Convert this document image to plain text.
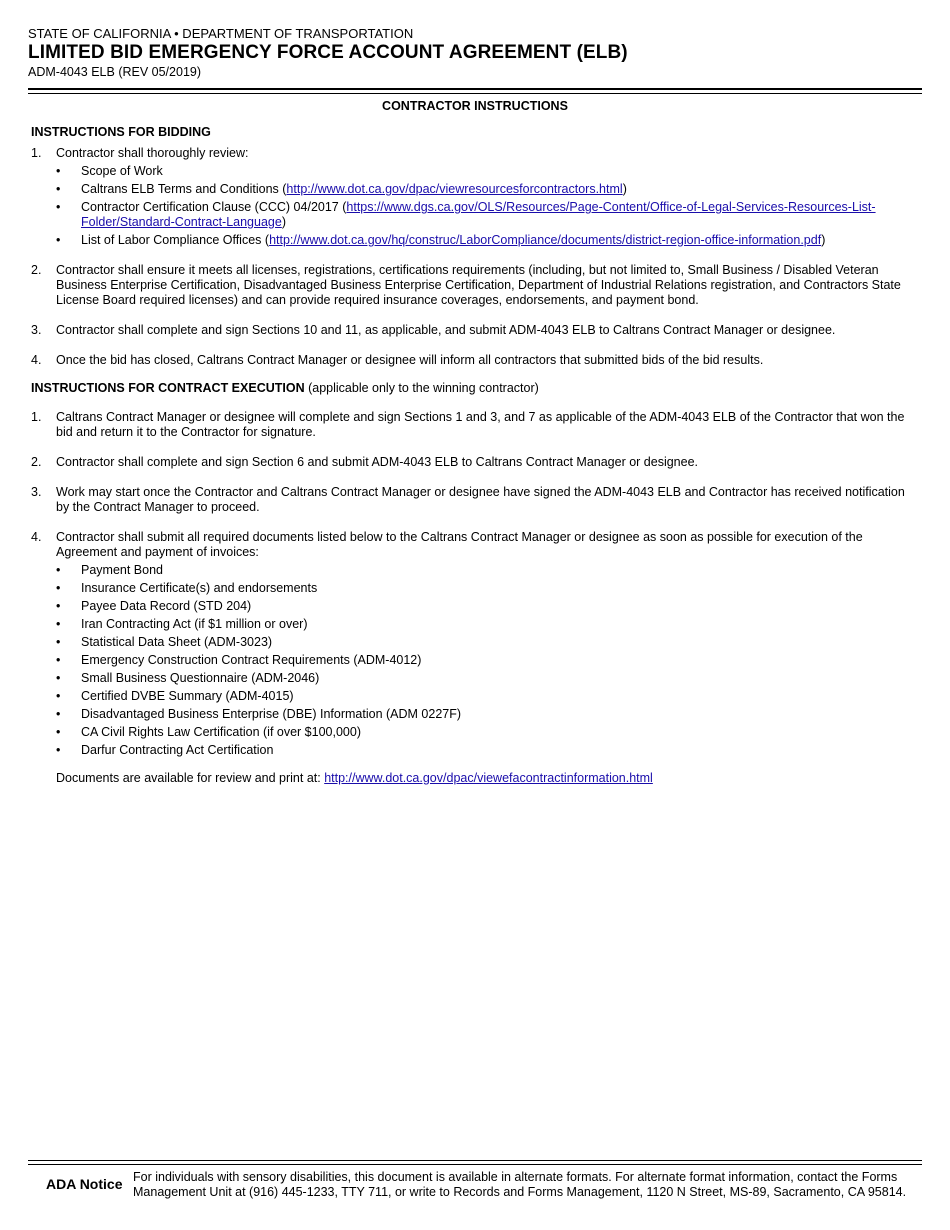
STATE OF CALIFORNIA • DEPARTMENT OF TRANSPORTATION
LIMITED BID EMERGENCY FORCE ACCOUNT AGREEMENT (ELB)
ADM-4043 ELB (REV 05/2019)
CONTRACTOR INSTRUCTIONS
INSTRUCTIONS FOR BIDDING
1. Contractor shall thoroughly review:
• Scope of Work
• Caltrans ELB Terms and Conditions (http://www.dot.ca.gov/dpac/viewresourcesforcontractors.html)
• Contractor Certification Clause (CCC) 04/2017 (https://www.dgs.ca.gov/OLS/Resources/Page-Content/Office-of-Legal-Services-Resources-List-Folder/Standard-Contract-Language)
• List of Labor Compliance Offices (http://www.dot.ca.gov/hq/construc/LaborCompliance/documents/district-region-office-information.pdf)
2. Contractor shall ensure it meets all licenses, registrations, certifications requirements (including, but not limited to, Small Business / Disabled Veteran Business Enterprise Certification, Disadvantaged Business Enterprise Certification, Department of Industrial Relations registration, and Contractors State License Board required licenses) and can provide required insurance coverages, endorsements, and payment bond.
3. Contractor shall complete and sign Sections 10 and 11, as applicable, and submit ADM-4043 ELB to Caltrans Contract Manager or designee.
4. Once the bid has closed, Caltrans Contract Manager or designee will inform all contractors that submitted bids of the bid results.
INSTRUCTIONS FOR CONTRACT EXECUTION (applicable only to the winning contractor)
1. Caltrans Contract Manager or designee will complete and sign Sections 1 and 3, and 7 as applicable of the ADM-4043 ELB of the Contractor that won the bid and return it to the Contractor for signature.
2. Contractor shall complete and sign Section 6 and submit ADM-4043 ELB to Caltrans Contract Manager or designee.
3. Work may start once the Contractor and Caltrans Contract Manager or designee have signed the ADM-4043 ELB and Contractor has received notification by the Contract Manager to proceed.
4. Contractor shall submit all required documents listed below to the Caltrans Contract Manager or designee as soon as possible for execution of the Agreement and payment of invoices:
• Payment Bond
• Insurance Certificate(s) and endorsements
• Payee Data Record (STD 204)
• Iran Contracting Act (if $1 million or over)
• Statistical Data Sheet (ADM-3023)
• Emergency Construction Contract Requirements (ADM-4012)
• Small Business Questionnaire (ADM-2046)
• Certified DVBE Summary (ADM-4015)
• Disadvantaged Business Enterprise (DBE) Information (ADM 0227F)
• CA Civil Rights Law Certification (if over $100,000)
• Darfur Contracting Act Certification
Documents are available for review and print at: http://www.dot.ca.gov/dpac/viewefacontractinformation.html
ADA Notice For individuals with sensory disabilities, this document is available in alternate formats. For alternate format information, contact the Forms Management Unit at (916) 445-1233, TTY 711, or write to Records and Forms Management, 1120 N Street, MS-89, Sacramento, CA 95814.
